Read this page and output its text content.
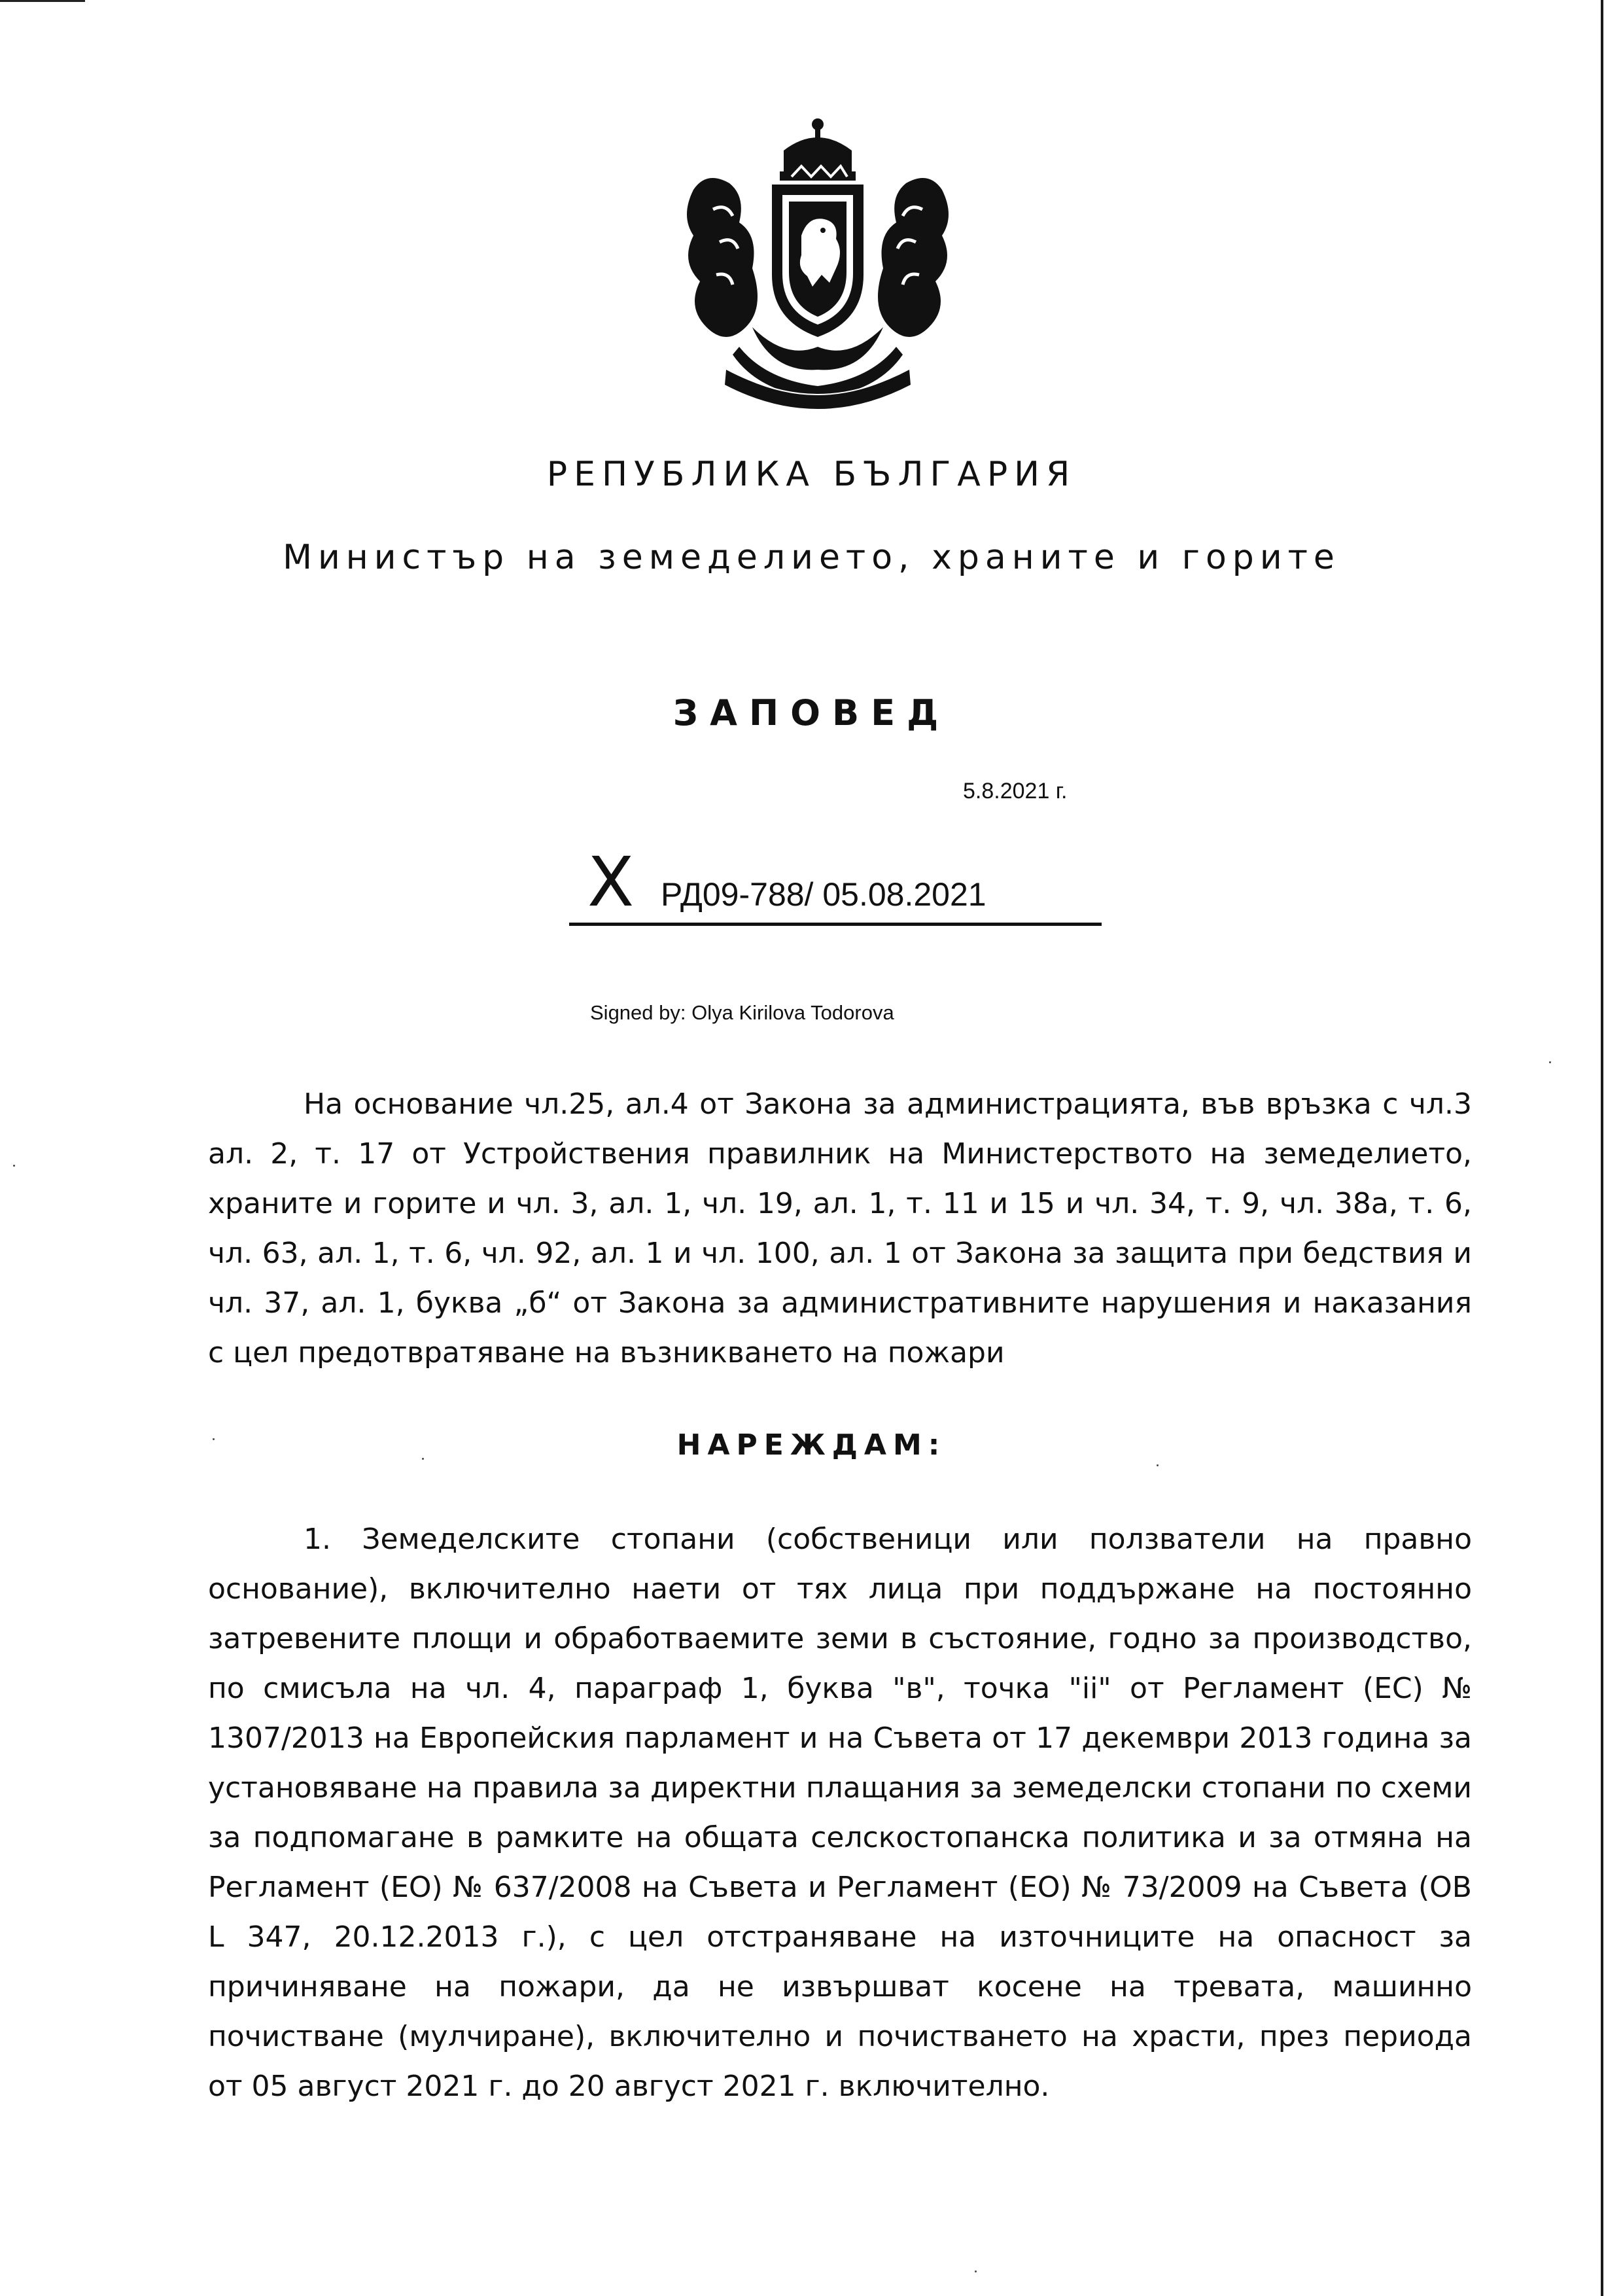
РЕПУБЛИКА БЪЛГАРИЯ
Министър на земеделието, храните и горите
ЗАПОВЕД
5.8.2021 г.
X РД09-788/ 05.08.2021
Signed by: Olya Kirilova Todorova
На основание чл.25, ал.4 от Закона за администрацията, във връзка с чл.3 ал. 2, т. 17 от Устройствения правилник на Министерството на земеделието, храните и горите и чл. 3, ал. 1, чл. 19, ал. 1, т. 11 и 15 и чл. 34, т. 9, чл. 38а, т. 6, чл. 63, ал. 1, т. 6, чл. 92, ал. 1 и чл. 100, ал. 1 от Закона за защита при бедствия и чл. 37, ал. 1, буква „б“ от Закона за административните нарушения и наказания с цел предотвратяване на възникването на пожари
НАРЕЖДАМ:
1. Земеделските стопани (собственици или ползватели на правно основание), включително наети от тях лица при поддържане на постоянно затревените площи и обработваемите земи в състояние, годно за производство, по смисъла на чл. 4, параграф 1, буква "в", точка "ii" от Регламент (ЕС) № 1307/2013 на Европейския парламент и на Съвета от 17 декември 2013 година за установяване на правила за директни плащания за земеделски стопани по схеми за подпомагане в рамките на общата селскостопанска политика и за отмяна на Регламент (ЕО) № 637/2008 на Съвета и Регламент (ЕО) № 73/2009 на Съвета (ОВ L 347, 20.12.2013 г.), с цел отстраняване на източниците на опасност за причиняване на пожари, да не извършват косене на тревата, машинно почистване (мулчиране), включително и почистването на храсти, през периода от 05 август 2021 г. до 20 август 2021 г. включително.
